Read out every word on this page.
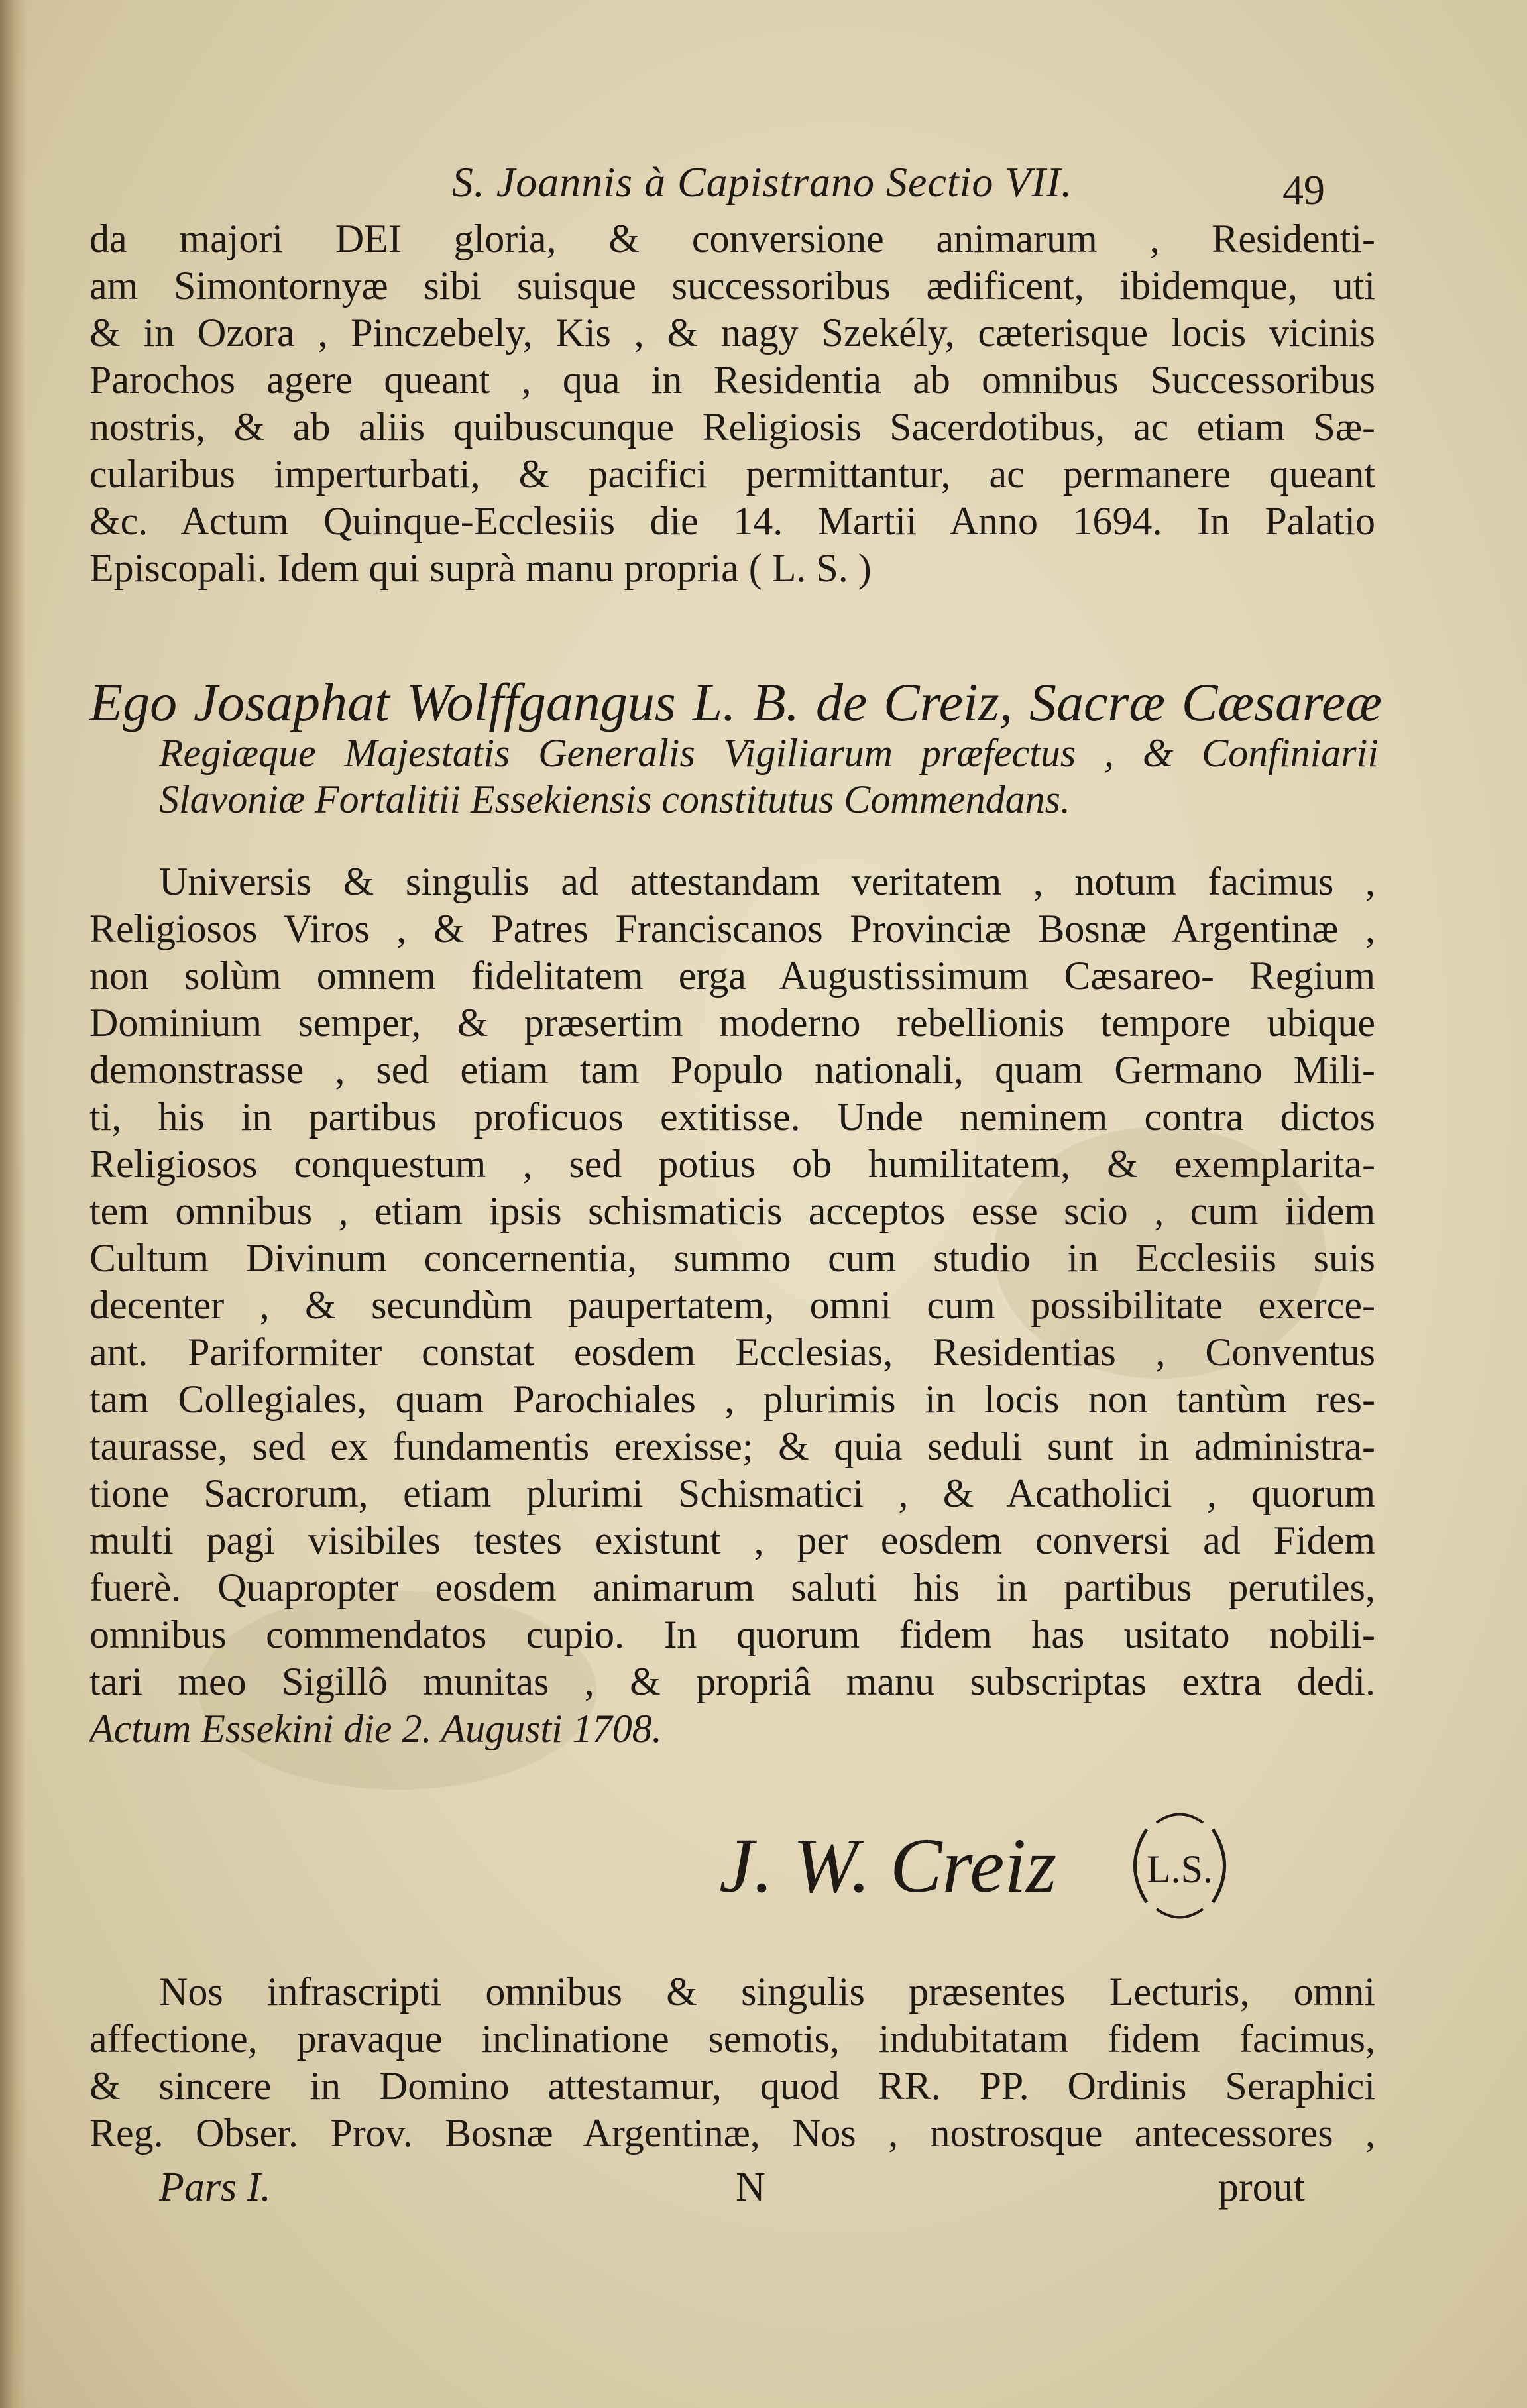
S. Joannis à Capistrano Sectio VII.	49
da majori DEI gloria, & conversione animarum , Residenti-
am Simontornyæ sibi suisque successoribus ædificent, ibidemque, uti
& in Ozora , Pinczebely, Kis , & nagy Szekély, cæterisque locis vicinis
Parochos agere queant , qua in Residentia ab omnibus Successoribus
nostris, & ab aliis quibuscunque Religiosis Sacerdotibus, ac etiam Sæ-
cularibus imperturbati, & pacifici permittantur, ac permanere queant
&c. Actum Quinque-Ecclesiis die 14. Martii Anno 1694. In Palatio
Episcopali. Idem qui suprà manu propria ( L. S. )
Ego Josaphat Wolffgangus L. B. de Creiz, Sacræ Cæsareæ
Regiæque Majestatis Generalis Vigiliarum præfectus , & Confiniarii
Slavoniæ Fortalitii Essekiensis constitutus Commendans.
Universis & singulis ad attestandam veritatem , notum facimus ,
Religiosos Viros , & Patres Franciscanos Provinciæ Bosnæ Argentinæ ,
non solùm omnem fidelitatem erga Augustissimum Cæsareo- Regium
Dominium semper, & præsertim moderno rebellionis tempore ubique
demonstrasse , sed etiam tam Populo nationali, quam Germano Mili-
ti, his in partibus proficuos extitisse. Unde neminem contra dictos
Religiosos conquestum , sed potius ob humilitatem, & exemplarita-
tem omnibus , etiam ipsis schismaticis acceptos esse scio , cum iidem
Cultum Divinum concernentia, summo cum studio in Ecclesiis suis
decenter , & secundùm paupertatem, omni cum possibilitate exerce-
ant. Pariformiter constat eosdem Ecclesias, Residentias , Conventus
tam Collegiales, quam Parochiales , plurimis in locis non tantùm res-
taurasse, sed ex fundamentis erexisse; & quia seduli sunt in administra-
tione Sacrorum, etiam plurimi Schismatici , & Acatholici , quorum
multi pagi visibiles testes existunt , per eosdem conversi ad Fidem
fuerè. Quapropter eosdem animarum saluti his in partibus perutiles,
omnibus commendatos cupio. In quorum fidem has usitato nobili-
tari meo Sigillô munitas , & propriâ manu subscriptas extra dedi.
Actum Essekini die 2. Augusti 1708.
J. W. Creiz	L.S.
Nos infrascripti omnibus & singulis præsentes Lecturis, omni
affectione, pravaque inclinatione semotis, indubitatam fidem facimus,
& sincere in Domino attestamur, quod RR. PP. Ordinis Seraphici
Reg. Obser. Prov. Bosnæ Argentinæ, Nos , nostrosque antecessores ,
Pars I.	N	prout
